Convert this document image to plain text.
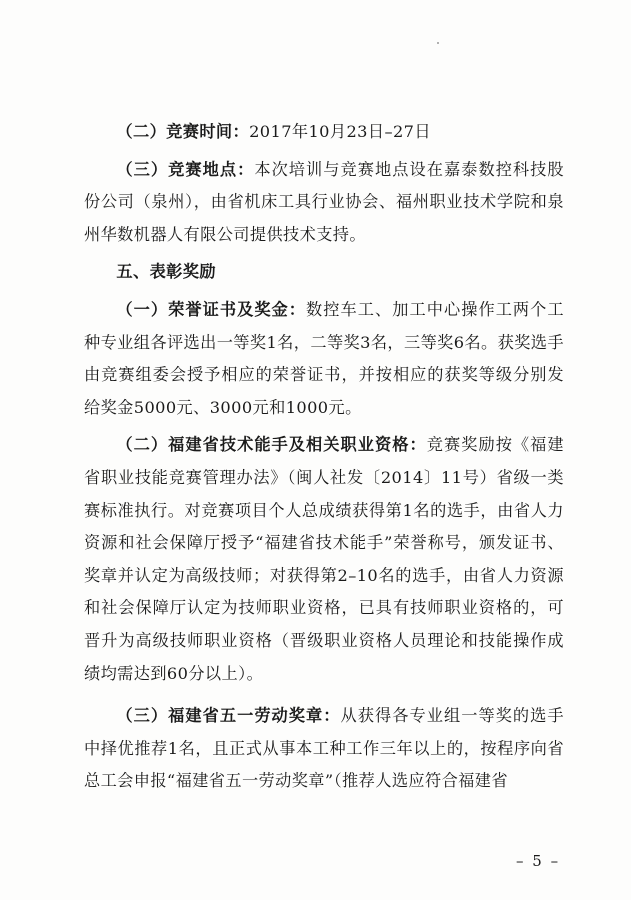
（二）竞赛时间：2017年10月23日–27日

（三）竞赛地点：本次培训与竞赛地点设在嘉泰数控科技股份公司（泉州），由省机床工具行业协会、福州职业技术学院和泉州华数机器人有限公司提供技术支持。

五、表彰奖励

（一）荣誉证书及奖金：数控车工、加工中心操作工两个工种专业组各评选出一等奖1名，二等奖3名，三等奖6名。获奖选手由竞赛组委会授予相应的荣誉证书，并按相应的获奖等级分别发给奖金5000元、3000元和1000元。

（二）福建省技术能手及相关职业资格：竞赛奖励按《福建省职业技能竞赛管理办法》（闽人社发〔2014〕11号）省级一类赛标准执行。对竞赛项目个人总成绩获得第1名的选手，由省人力资源和社会保障厅授予“福建省技术能手”荣誉称号，颁发证书、奖章并认定为高级技师；对获得第2–10名的选手，由省人力资源和社会保障厅认定为技师职业资格，已具有技师职业资格的，可晋升为高级技师职业资格（晋级职业资格人员理论和技能操作成绩均需达到60分以上）。

（三）福建省五一劳动奖章：从获得各专业组一等奖的选手中择优推荐1名，且正式从事本工种工作三年以上的，按程序向省总工会申报“福建省五一劳动奖章”（推荐人选应符合福建省

– 5 –
